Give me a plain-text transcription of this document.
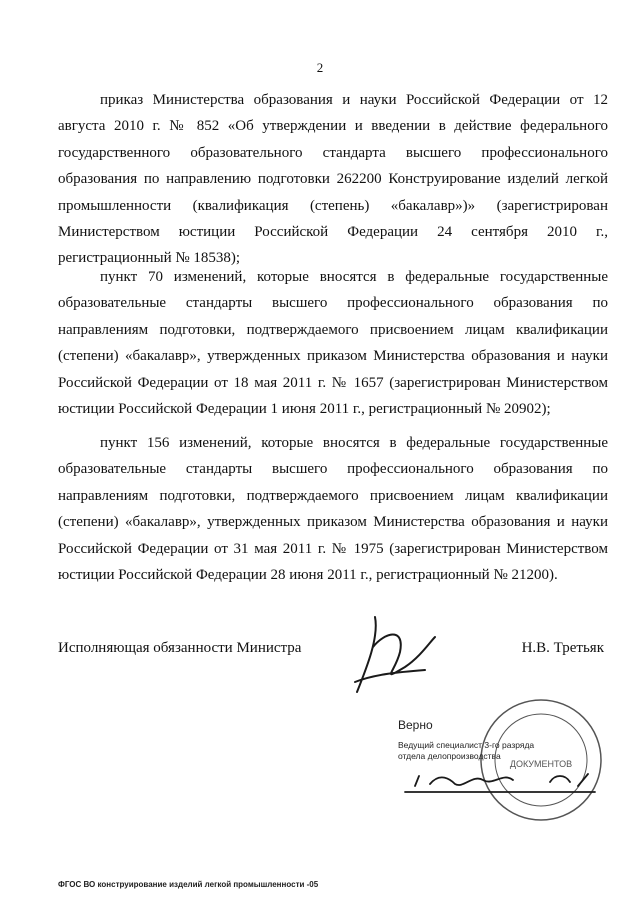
2

приказ Министерства образования и науки Российской Федерации от 12 августа 2010 г. № 852 «Об утверждении и введении в действие федерального государственного образовательного стандарта высшего профессионального образования по направлению подготовки 262200 Конструирование изделий легкой промышленности (квалификация (степень) «бакалавр»)» (зарегистрирован Министерством юстиции Российской Федерации 24 сентября 2010 г., регистрационный № 18538);

пункт 70 изменений, которые вносятся в федеральные государственные образовательные стандарты высшего профессионального образования по направлениям подготовки, подтверждаемого присвоением лицам квалификации (степени) «бакалавр», утвержденных приказом Министерства образования и науки Российской Федерации от 18 мая 2011 г. № 1657 (зарегистрирован Министерством юстиции Российской Федерации 1 июня 2011 г., регистрационный № 20902);

пункт 156 изменений, которые вносятся в федеральные государственные образовательные стандарты высшего профессионального образования по направлениям подготовки, подтверждаемого присвоением лицам квалификации (степени) «бакалавр», утвержденных приказом Министерства образования и науки Российской Федерации от 31 мая 2011 г. № 1975 (зарегистрирован Министерством юстиции Российской Федерации 28 июня 2011 г., регистрационный № 21200).

Исполняющая обязанности Министра	Н.В. Третьяк
ДОКУМЕНТОВ
Верно
Ведущий специалист 3-го разряда
отдела делопроизводства
ФГОС ВО конструирование изделий легкой промышленности -05
